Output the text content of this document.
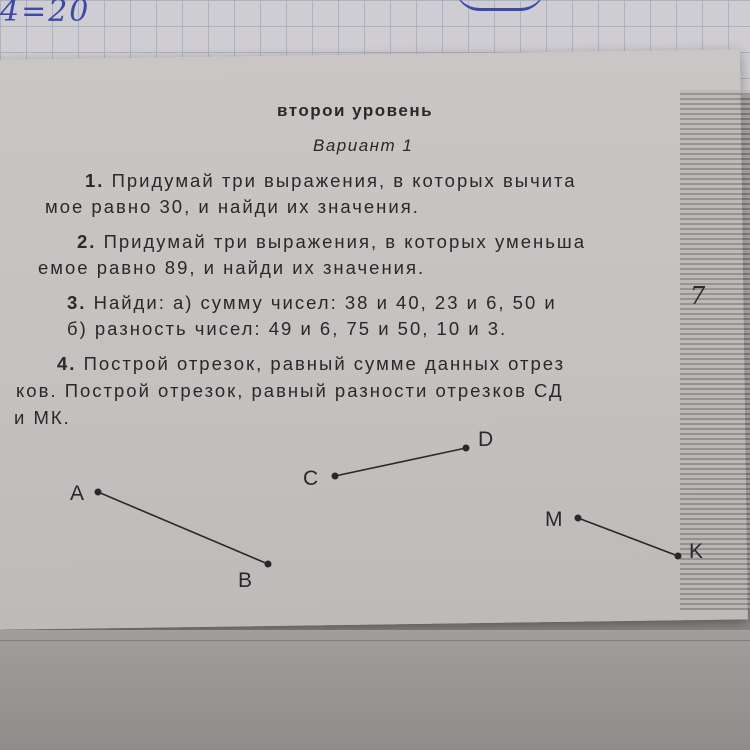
4=20
второи уровень
Вариант 1
1. Придумай три выражения, в которых вычита
мое равно 30, и найди их значения.
2. Придумай три выражения, в которых уменьша
емое равно 89, и найди их значения.
3. Найди: а) сумму чисел: 38 и 40, 23 и 6, 50 и
б) разность чисел: 49 и 6, 75 и 50, 10 и 3.
7
4. Построй отрезок, равный сумме данных отрез
ков. Построй отрезок, равный разности отрезков СД
и МК.
A
B
C
D
M
K
